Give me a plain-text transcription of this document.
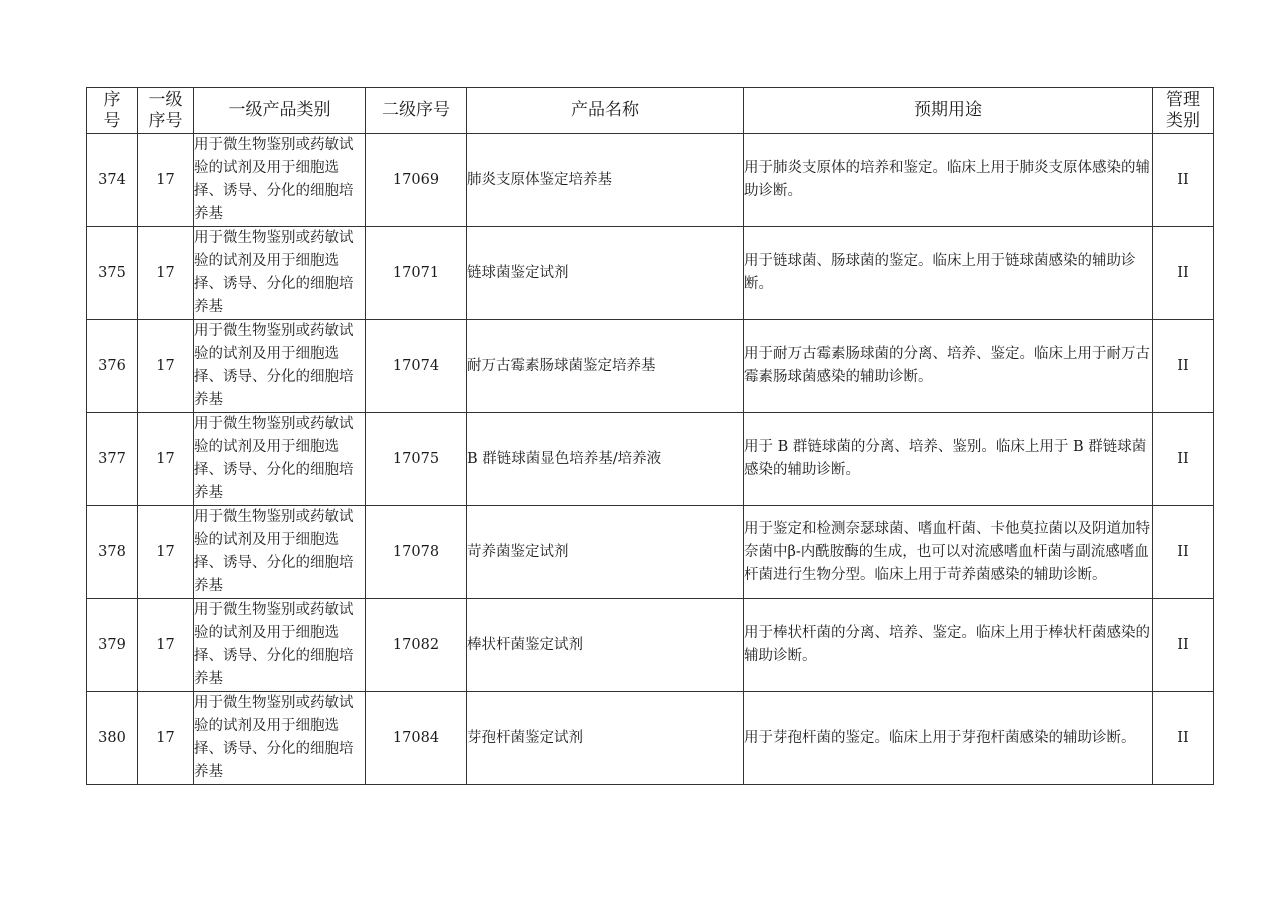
序号	一级序号	一级产品类别	二级序号	产品名称	预期用途	管理类别
374	17	用于微生物鉴别或药敏试验的试剂及用于细胞选择、诱导、分化的细胞培养基	17069	肺炎支原体鉴定培养基	用于肺炎支原体的培养和鉴定。临床上用于肺炎支原体感染的辅助诊断。	II
375	17	用于微生物鉴别或药敏试验的试剂及用于细胞选择、诱导、分化的细胞培养基	17071	链球菌鉴定试剂	用于链球菌、肠球菌的鉴定。临床上用于链球菌感染的辅助诊断。	II
376	17	用于微生物鉴别或药敏试验的试剂及用于细胞选择、诱导、分化的细胞培养基	17074	耐万古霉素肠球菌鉴定培养基	用于耐万古霉素肠球菌的分离、培养、鉴定。临床上用于耐万古霉素肠球菌感染的辅助诊断。	II
377	17	用于微生物鉴别或药敏试验的试剂及用于细胞选择、诱导、分化的细胞培养基	17075	B 群链球菌显色培养基/培养液	用于 B 群链球菌的分离、培养、鉴别。临床上用于 B 群链球菌感染的辅助诊断。	II
378	17	用于微生物鉴别或药敏试验的试剂及用于细胞选择、诱导、分化的细胞培养基	17078	苛养菌鉴定试剂	用于鉴定和检测奈瑟球菌、嗜血杆菌、卡他莫拉菌以及阴道加特奈菌中β-内酰胺酶的生成，也可以对流感嗜血杆菌与副流感嗜血杆菌进行生物分型。临床上用于苛养菌感染的辅助诊断。	II
379	17	用于微生物鉴别或药敏试验的试剂及用于细胞选择、诱导、分化的细胞培养基	17082	棒状杆菌鉴定试剂	用于棒状杆菌的分离、培养、鉴定。临床上用于棒状杆菌感染的辅助诊断。	II
380	17	用于微生物鉴别或药敏试验的试剂及用于细胞选择、诱导、分化的细胞培养基	17084	芽孢杆菌鉴定试剂	用于芽孢杆菌的鉴定。临床上用于芽孢杆菌感染的辅助诊断。	II
